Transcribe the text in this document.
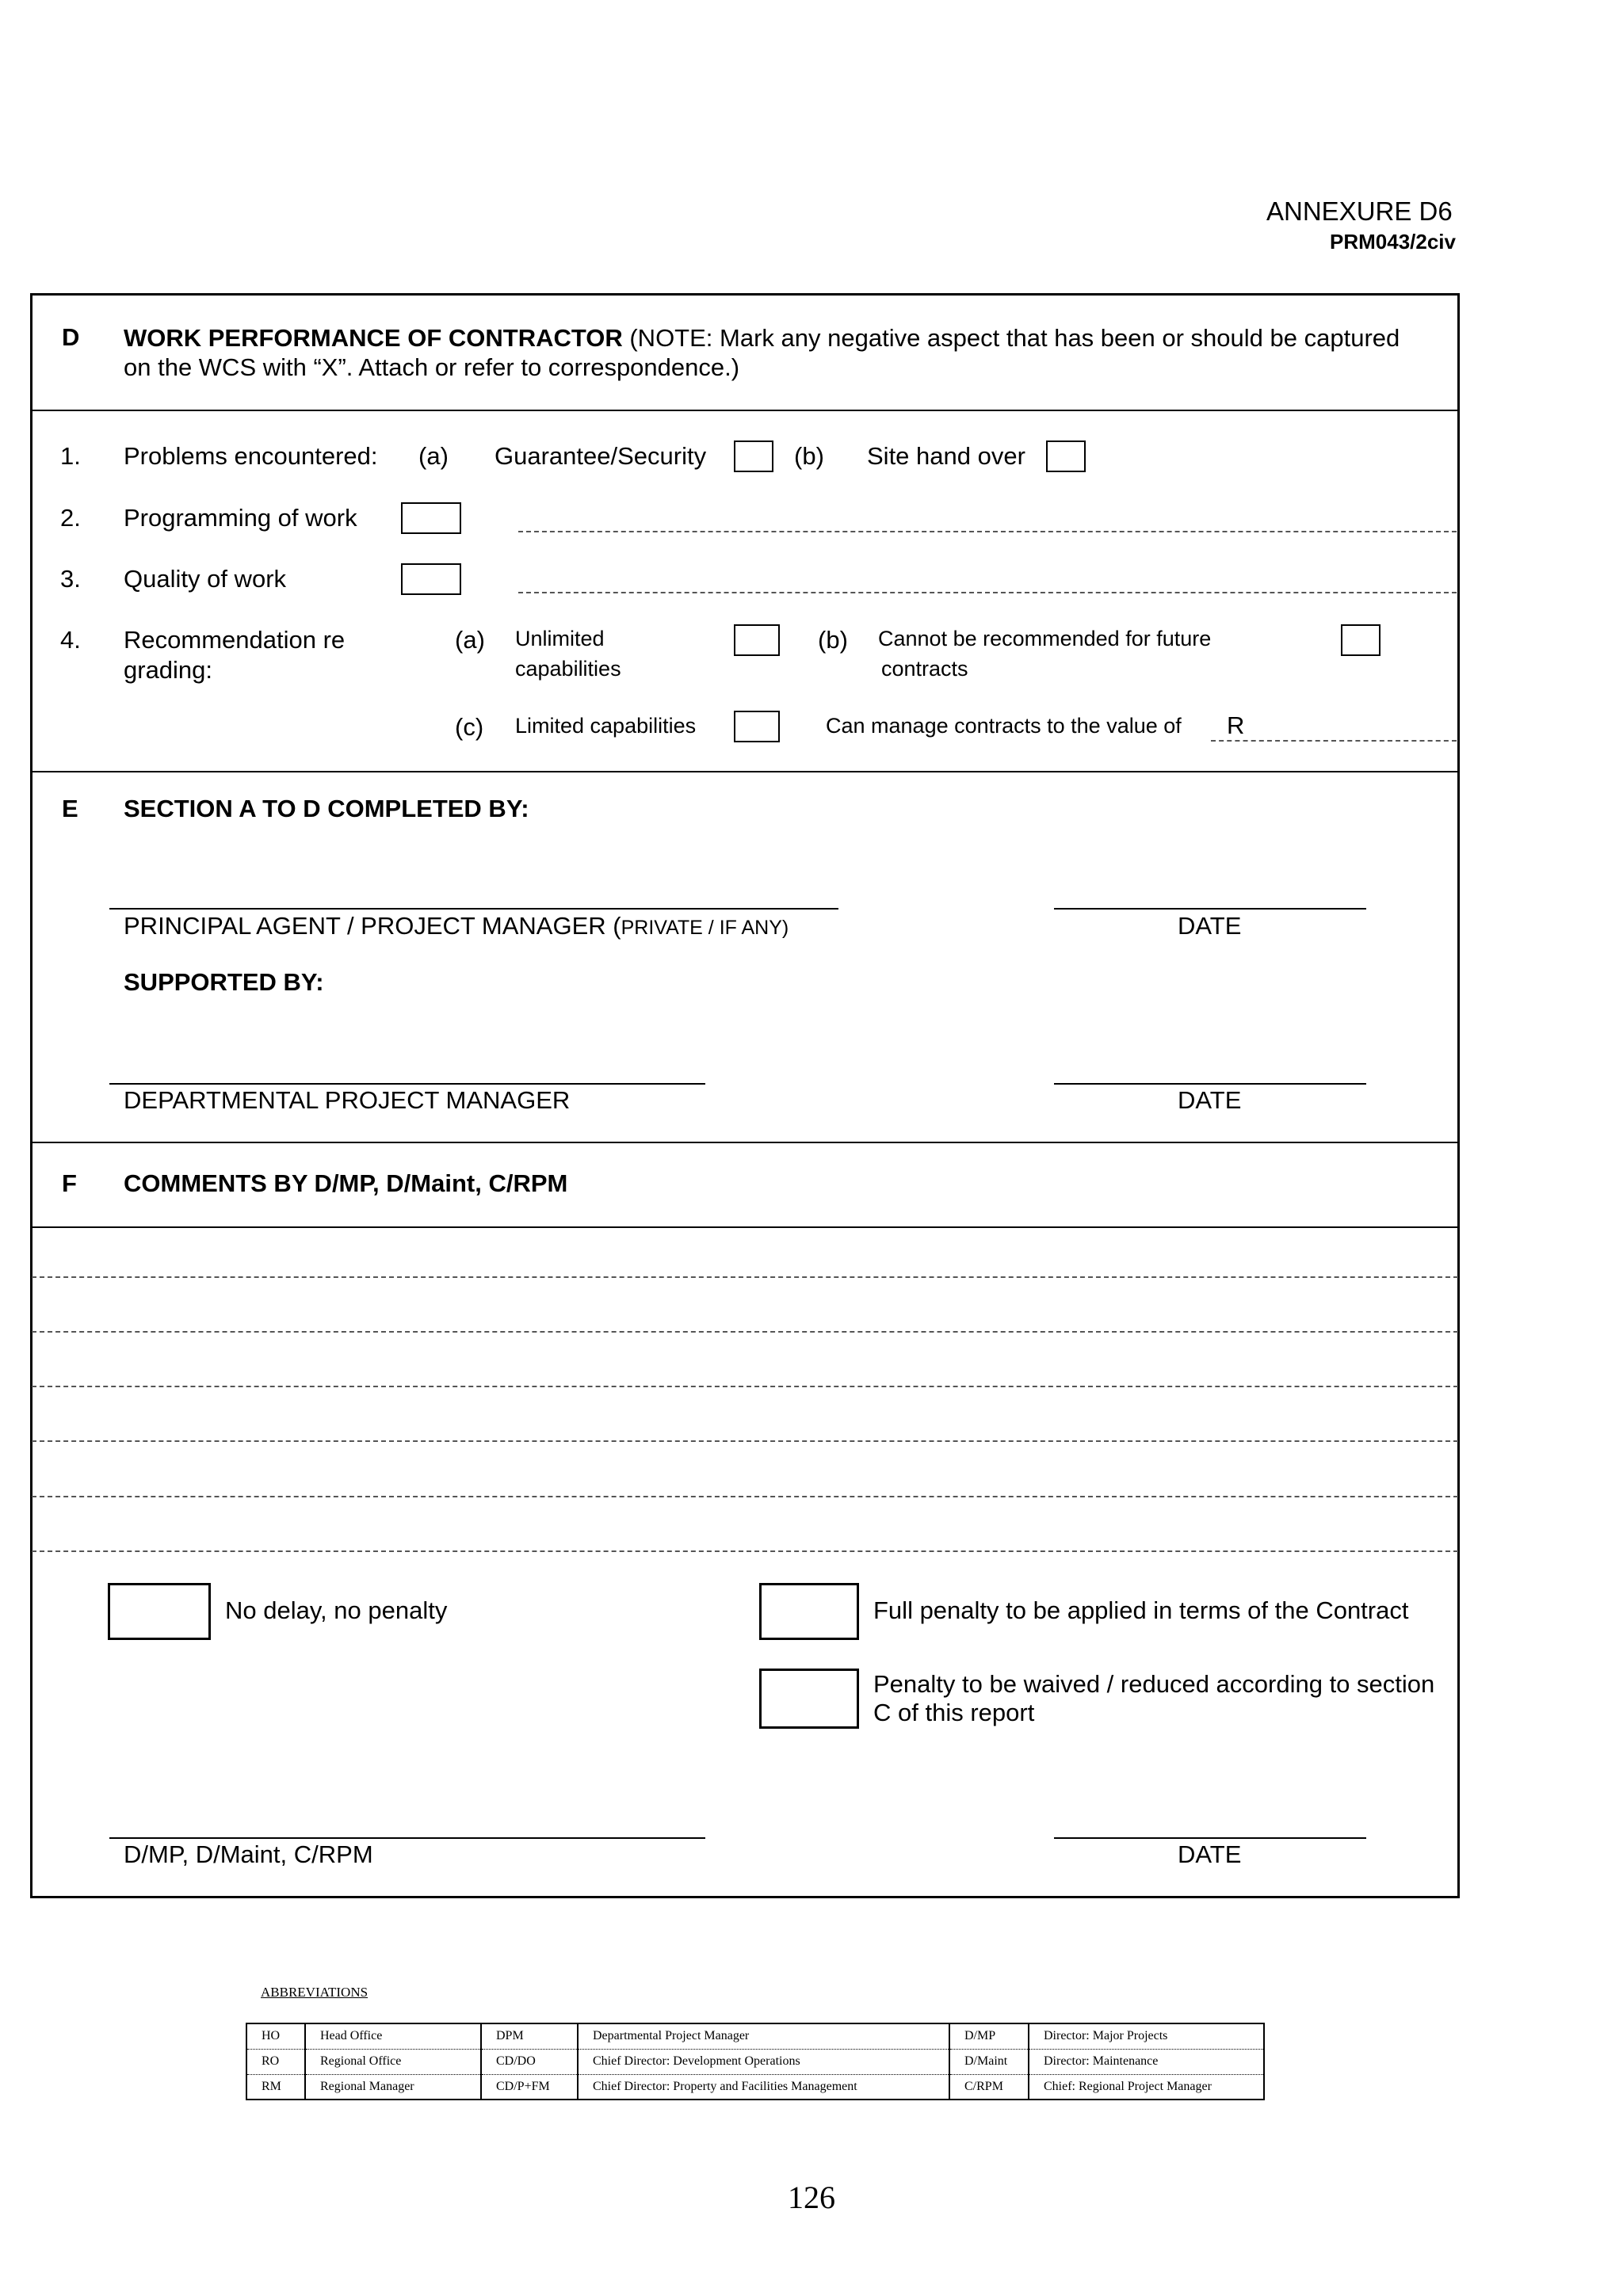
ANNEXURE D6
PRM043/2civ
D WORK PERFORMANCE OF CONTRACTOR (NOTE: Mark any negative aspect that has been or should be captured
on the WCS with “X”. Attach or refer to correspondence.)
1. Problems encountered: (a) Guarantee/Security	(b) Site hand over
2. Programming of work
3. Quality of work
4. Recommendation re
grading:
(a) Unlimited
capabilities
(b) Cannot be recommended for future
contracts
(c) Limited capabilities	Can manage contracts to the value of R
E SECTION A TO D COMPLETED BY:
PRINCIPAL AGENT / PROJECT MANAGER (PRIVATE / IF ANY)	DATE
SUPPORTED BY:
DEPARTMENTAL PROJECT MANAGER	DATE
F COMMENTS BY D/MP, D/Maint, C/RPM
No delay, no penalty	Full penalty to be applied in terms of the Contract
Penalty to be waived / reduced according to section
C of this report
D/MP, D/Maint, C/RPM	DATE
ABBREVIATIONS
HO	Head Office	DPM	Departmental Project Manager	D/MP	Director: Major Projects
RO	Regional Office	CD/DO	Chief Director: Development Operations	D/Maint	Director: Maintenance
RM	Regional Manager	CD/P+FM	Chief Director: Property and Facilities Management	C/RPM	Chief: Regional Project Manager
126
